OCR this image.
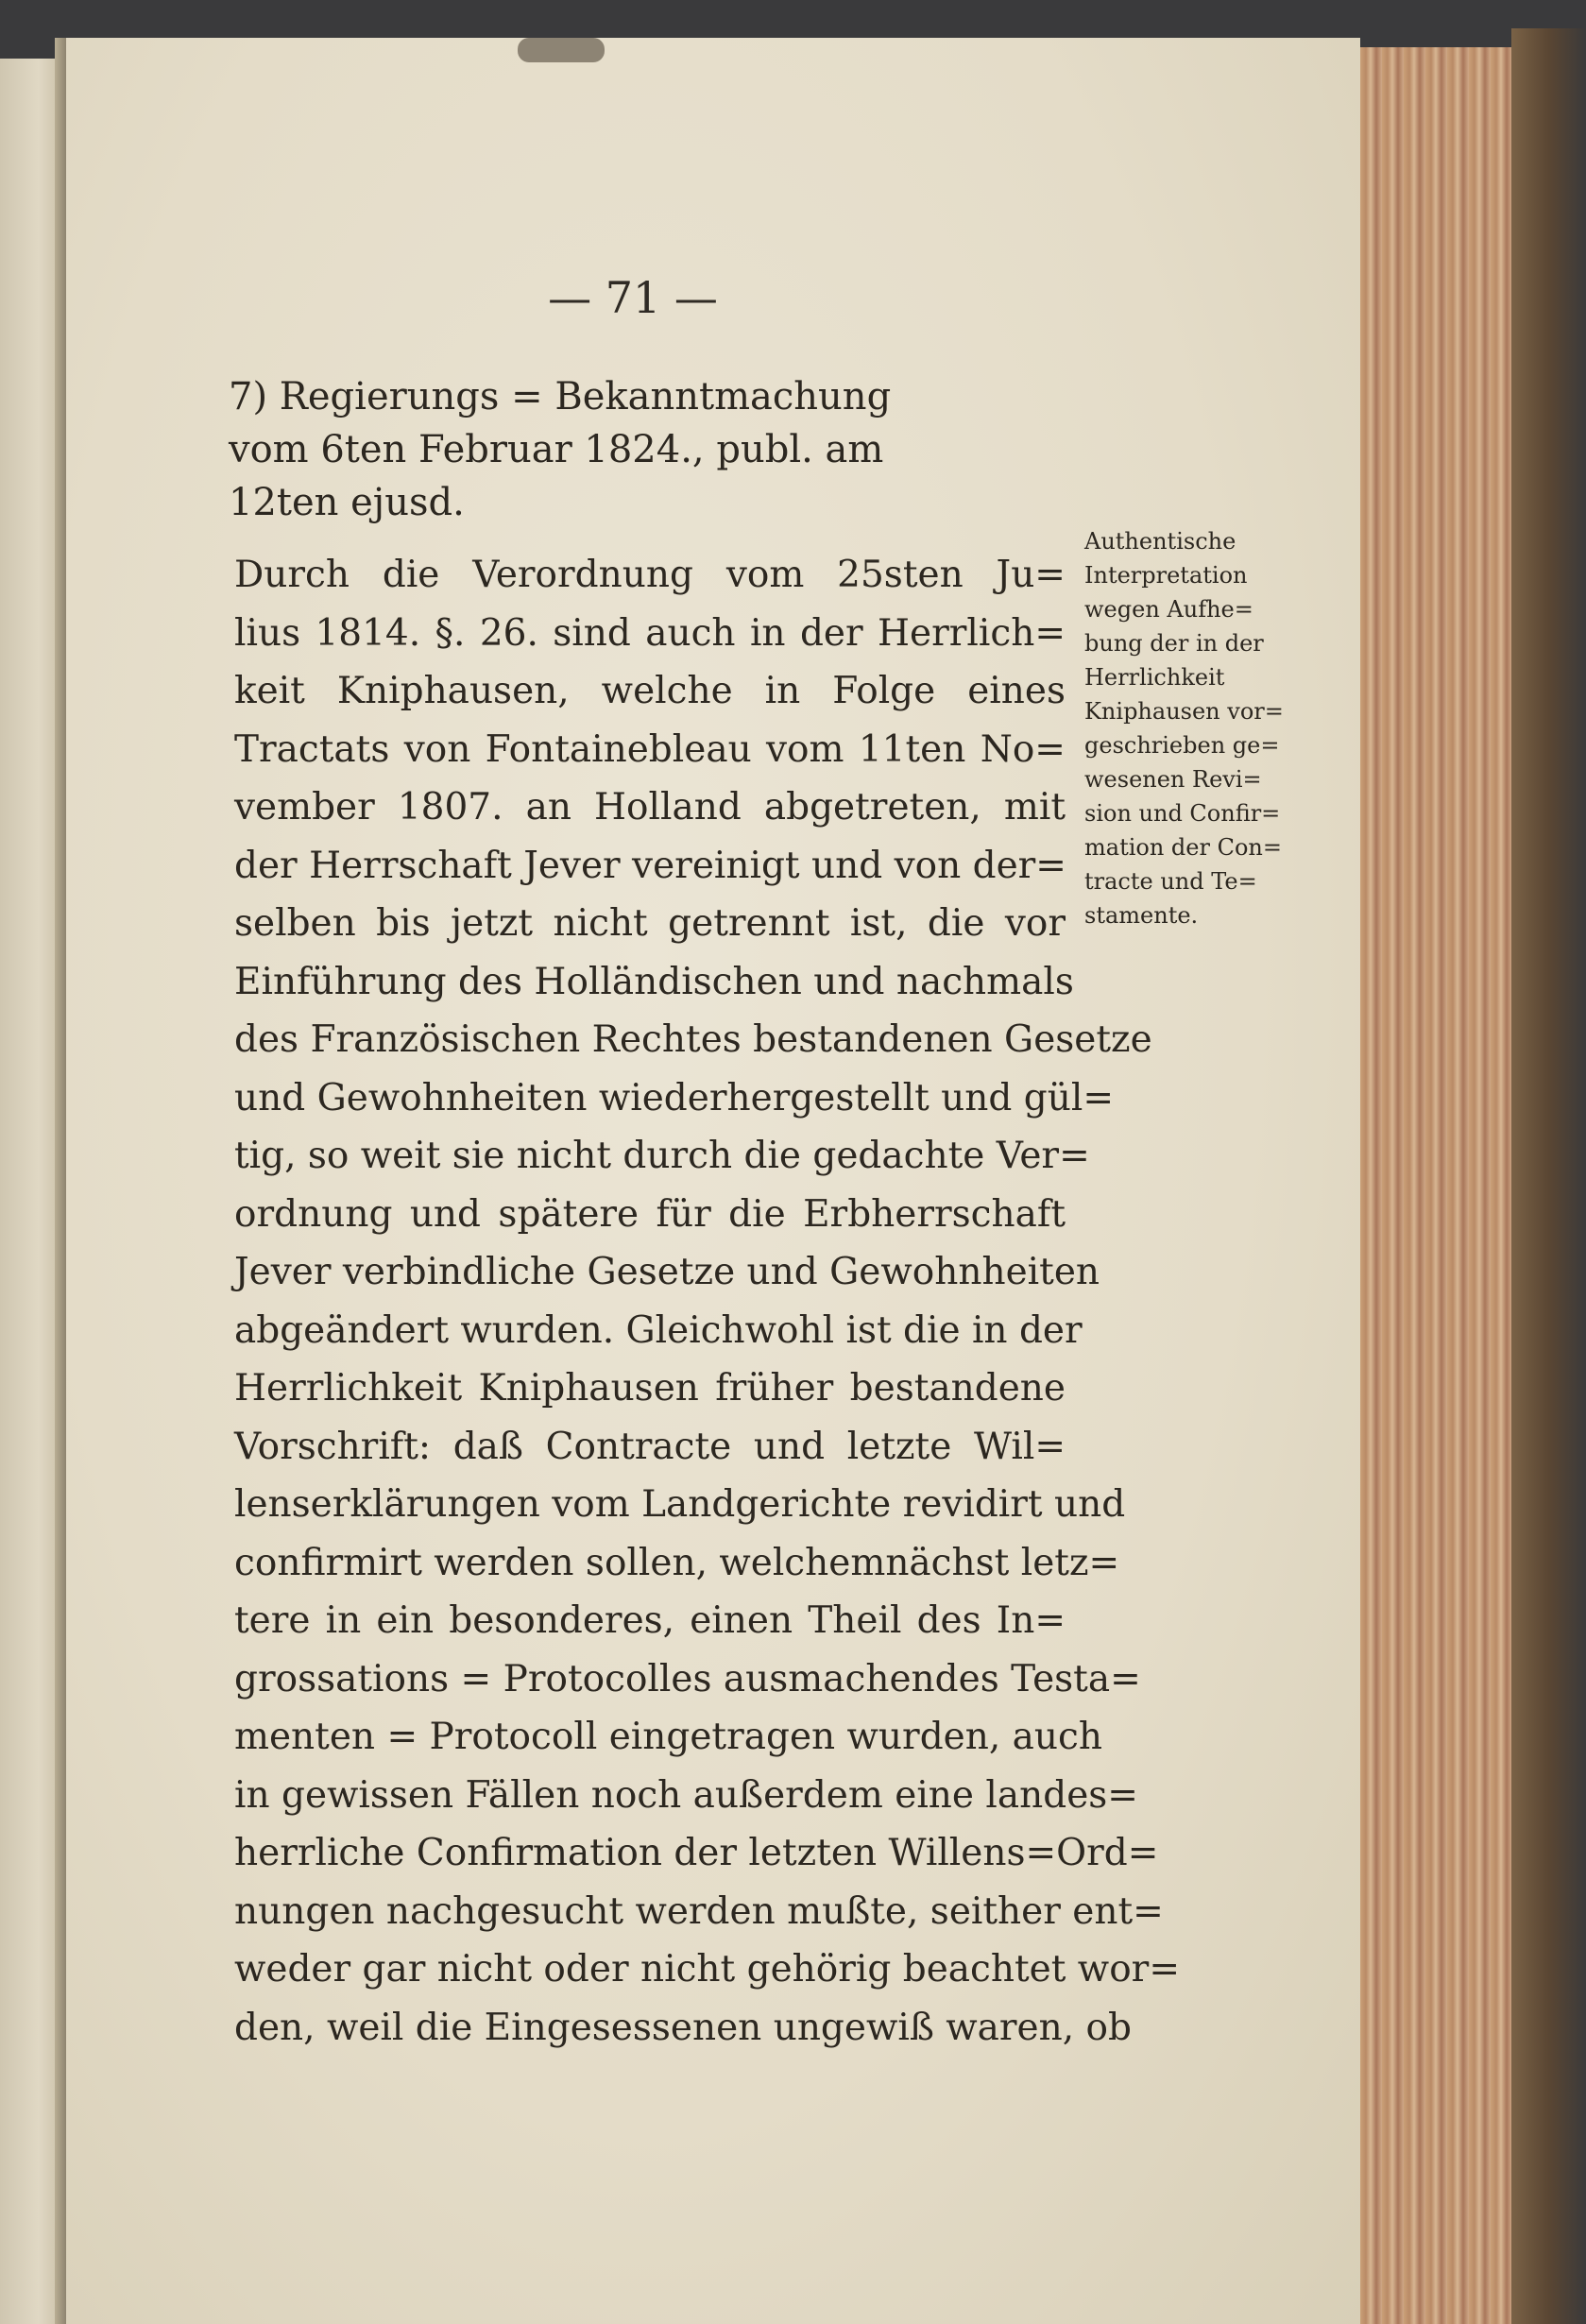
— 71 —
7) Regierungs = Bekanntmachung
vom 6ten Februar 1824., publ. am
12ten ejusd.
Durch die Verordnung vom 25sten Ju=
lius 1814. §. 26. sind auch in der Herrlich=
keit Kniphausen, welche in Folge eines
Tractats von Fontainebleau vom 11ten No=
vember 1807. an Holland abgetreten, mit
der Herrschaft Jever vereinigt und von der=
selben bis jetzt nicht getrennt ist, die vor
Einführung des Holländischen und nachmals
des Französischen Rechtes bestandenen Gesetze
und Gewohnheiten wiederhergestellt und gül=
tig, so weit sie nicht durch die gedachte Ver=
ordnung und spätere für die Erbherrschaft
Jever verbindliche Gesetze und Gewohnheiten
abgeändert wurden. Gleichwohl ist die in der
Herrlichkeit Kniphausen früher bestandene
Vorschrift: daß Contracte und letzte Wil=
lenserklärungen vom Landgerichte revidirt und
confirmirt werden sollen, welchemnächst letz=
tere in ein besonderes, einen Theil des In=
grossations = Protocolles ausmachendes Testa=
menten = Protocoll eingetragen wurden, auch
in gewissen Fällen noch außerdem eine landes=
herrliche Confirmation der letzten Willens=Ord=
nungen nachgesucht werden mußte, seither ent=
weder gar nicht oder nicht gehörig beachtet wor=
den, weil die Eingesessenen ungewiß waren, ob
Authentische
Interpretation
wegen Aufhe=
bung der in der
Herrlichkeit
Kniphausen vor=
geschrieben ge=
wesenen Revi=
sion und Confir=
mation der Con=
tracte und Te=
stamente.
